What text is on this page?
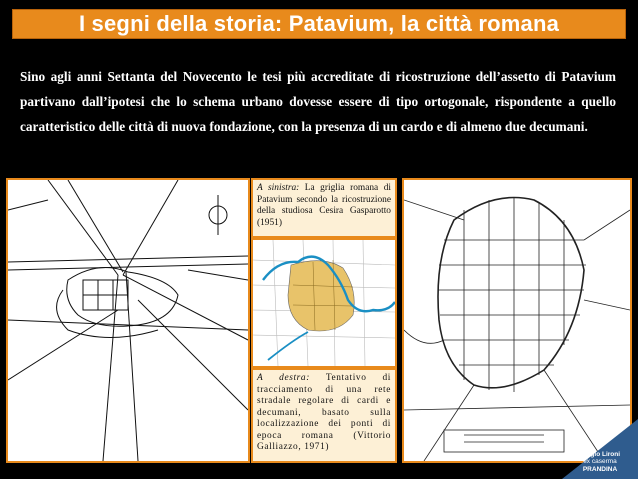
I segni della storia: Patavium, la città romana
Sino agli anni Settanta del Novecento le tesi più accreditate di ricostruzione dell’assetto di Patavium partivano dall’ipotesi che lo schema urbano dovesse essere di tipo ortogonale, rispondente a quello caratteristico delle città di nuova fondazione, con la presenza di un cardo e di almeno due decumani.
A sinistra: La griglia romana di Patavium secondo la ricostruzione della studiosa Cesira Gasparotto (1951)
A destra: Tentativo di tracciamento di una rete stradale regolare di cardi e decumani, basato sulla localizzazione dei ponti di epoca romana (Vittorio Galliazzo, 1971)
Sergio Lironi
ex caserma
PRANDINA
